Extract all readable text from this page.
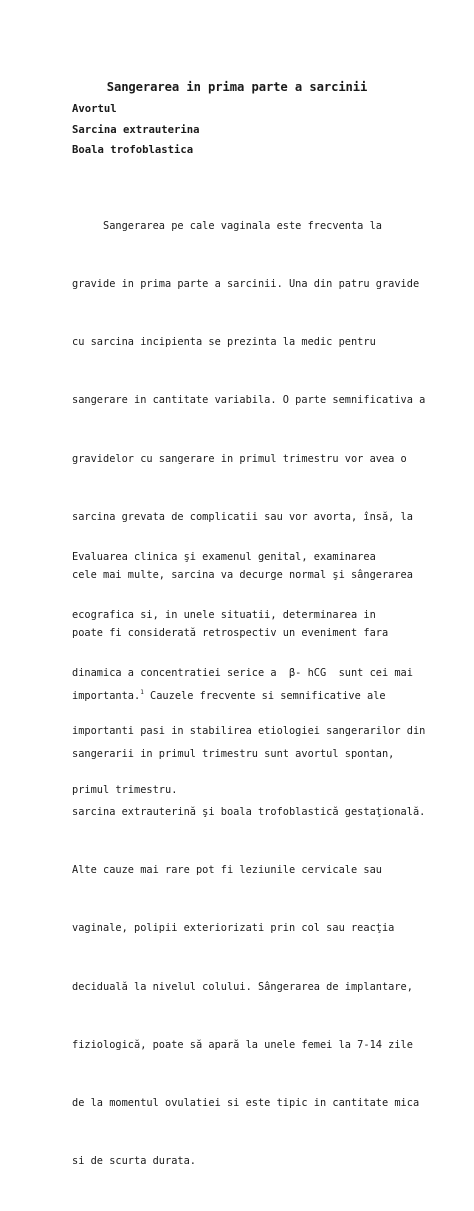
Sangerarea in prima parte a sarcinii
Avortul
Sarcina extrauterina
Boala trofoblastica

Sangerarea pe cale vaginala este frecventa la

gravide in prima parte a sarcinii. Una din patru gravide

cu sarcina incipienta se prezinta la medic pentru

sangerare in cantitate variabila. O parte semnificativa a

gravidelor cu sangerare in primul trimestru vor avea o

sarcina grevata de complicatii sau vor avorta, însă, la

cele mai multe, sarcina va decurge normal şi sângerarea

poate fi considerată retrospectiv un eveniment fara

importanta.$^1$ Cauzele frecvente si semnificative ale

sangerarii in primul trimestru sunt avortul spontan,

sarcina extrauterină şi boala trofoblastică gestaţională.

Alte cauze mai rare pot fi leziunile cervicale sau

vaginale, polipii exteriorizati prin col sau reacţia

deciduală la nivelul colului. Sângerarea de implantare,

fiziologică, poate să apară la unele femei la 7-14 zile

de la momentul ovulatiei si este tipic in cantitate mica

si de scurta durata.

Evaluarea clinica şi examenul genital, examinarea

ecografica si, in unele situatii, determinarea in

dinamica a concentratiei serice a  β- hCG  sunt cei mai

importanti pasi in stabilirea etiologiei sangerarilor din

primul trimestru.
